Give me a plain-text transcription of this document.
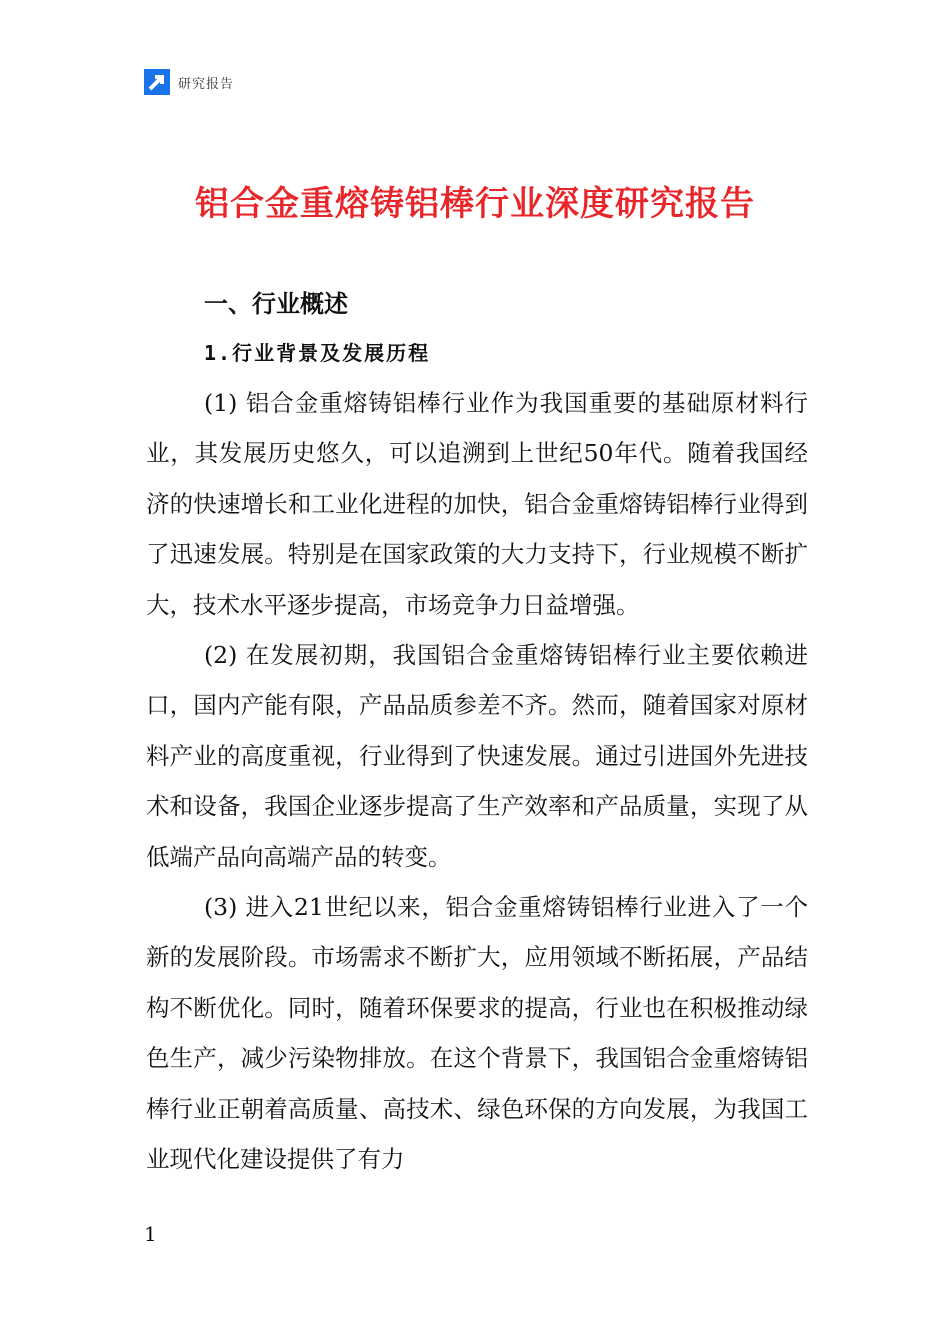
研究报告
铝合金重熔铸铝棒行业深度研究报告
一、行业概述
1.行业背景及发展历程

(1) 铝合金重熔铸铝棒行业作为我国重要的基础原材料行业，其发展历史悠久，可以追溯到上世纪50年代。随着我国经济的快速增长和工业化进程的加快，铝合金重熔铸铝棒行业得到了迅速发展。特别是在国家政策的大力支持下，行业规模不断扩大，技术水平逐步提高，市场竞争力日益增强。

(2) 在发展初期，我国铝合金重熔铸铝棒行业主要依赖进口，国内产能有限，产品品质参差不齐。然而，随着国家对原材料产业的高度重视，行业得到了快速发展。通过引进国外先进技术和设备，我国企业逐步提高了生产效率和产品质量，实现了从低端产品向高端产品的转变。

(3) 进入21世纪以来，铝合金重熔铸铝棒行业进入了一个新的发展阶段。市场需求不断扩大，应用领域不断拓展，产品结构不断优化。同时，随着环保要求的提高，行业也在积极推动绿色生产，减少污染物排放。在这个背景下，我国铝合金重熔铸铝棒行业正朝着高质量、高技术、绿色环保的方向发展，为我国工业现代化建设提供了有力

1
